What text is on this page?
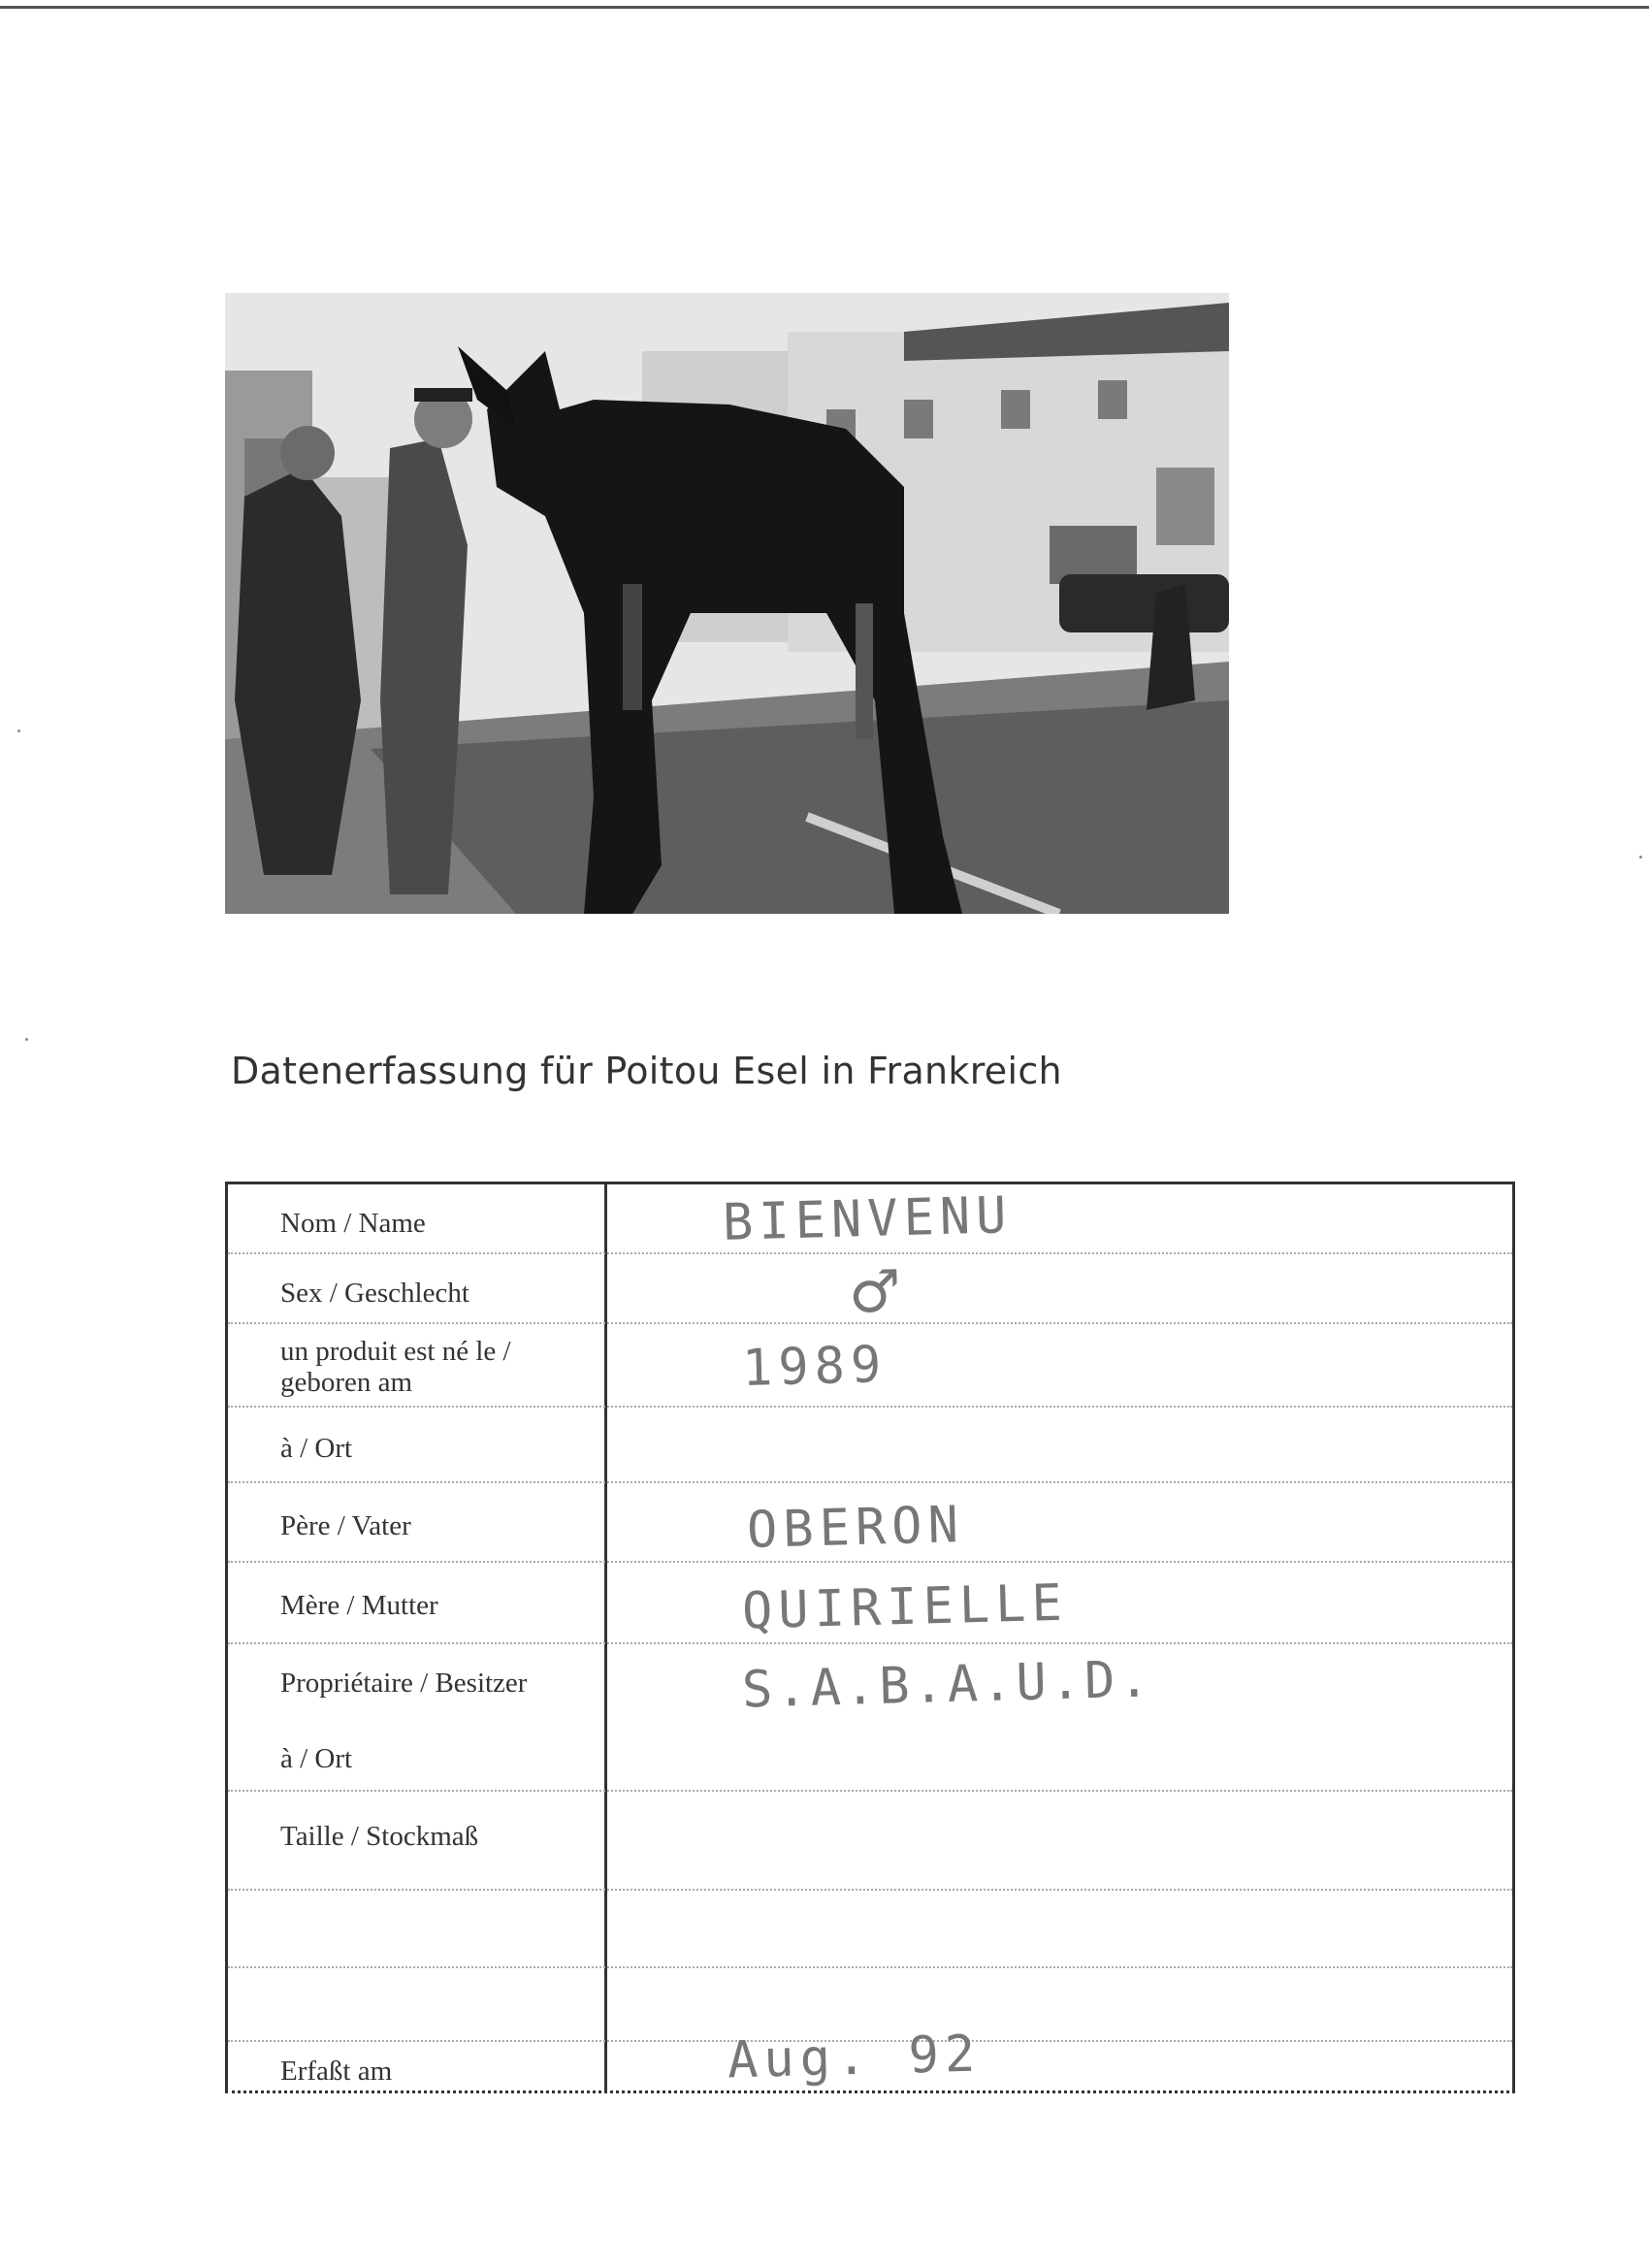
Datenerfassung für Poitou Esel in Frankreich
Nom / Name	BIENVENU
Sex / Geschlecht	♂
un produit est né le / geboren am	1989
à / Ort
Père / Vater	OBERON
Mère / Mutter	QUIRIELLE
Propriétaire / Besitzer	S.A.B.A.U.D.
à / Ort
Taille / Stockmaß
Erfaßt am	Aug. 92
